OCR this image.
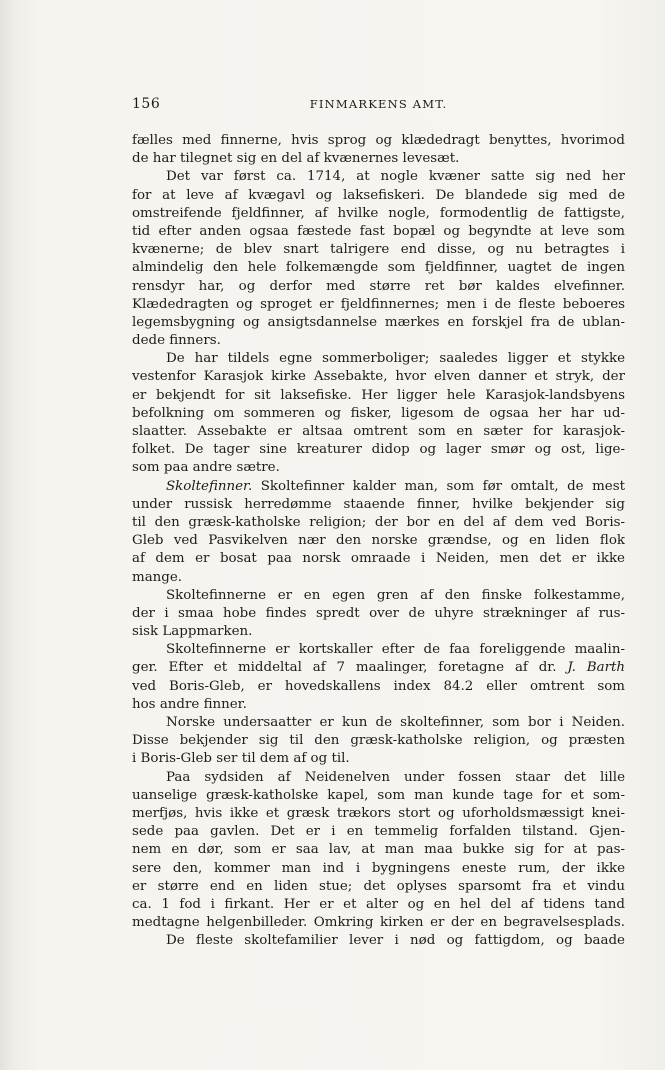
156	FINMARKENS AMT.
fælles med finnerne, hvis sprog og klædedragt benyttes, hvorimod
de har tilegnet sig en del af kvænernes levesæt.
Det var først ca. 1714, at nogle kvæner satte sig ned her
for at leve af kvægavl og laksefiskeri. De blandede sig med de
omstreifende fjeldfinner, af hvilke nogle, formodentlig de fattigste,
tid efter anden ogsaa fæstede fast bopæl og begyndte at leve som
kvænerne; de blev snart talrigere end disse, og nu betragtes i
almindelig den hele folkemængde som fjeldfinner, uagtet de ingen
rensdyr har, og derfor med større ret bør kaldes elvefinner.
Klædedragten og sproget er fjeldfinnernes; men i de fleste beboeres
legemsbygning og ansigtsdannelse mærkes en forskjel fra de ublan-
dede finners.
De har tildels egne sommerboliger; saaledes ligger et stykke
vestenfor Karasjok kirke Assebakte, hvor elven danner et stryk, der
er bekjendt for sit laksefiske. Her ligger hele Karasjok-landsbyens
befolkning om sommeren og fisker, ligesom de ogsaa her har ud-
slaatter. Assebakte er altsaa omtrent som en sæter for karasjok-
folket. De tager sine kreaturer didop og lager smør og ost, lige-
som paa andre sætre.
Skoltefinner. Skoltefinner kalder man, som før omtalt, de mest
under russisk herredømme staaende finner, hvilke bekjender sig
til den græsk-katholske religion; der bor en del af dem ved Boris-
Gleb ved Pasvikelven nær den norske grændse, og en liden flok
af dem er bosat paa norsk omraade i Neiden, men det er ikke
mange.
Skoltefinnerne er en egen gren af den finske folkestamme,
der i smaa hobe findes spredt over de uhyre strækninger af rus-
sisk Lappmarken.
Skoltefinnerne er kortskaller efter de faa foreliggende maalin-
ger. Efter et middeltal af 7 maalinger, foretagne af dr. J. Barth
ved Boris-Gleb, er hovedskallens index 84.2 eller omtrent som
hos andre finner.
Norske undersaatter er kun de skoltefinner, som bor i Neiden.
Disse bekjender sig til den græsk-katholske religion, og præsten
i Boris-Gleb ser til dem af og til.
Paa sydsiden af Neidenelven under fossen staar det lille
uanselige græsk-katholske kapel, som man kunde tage for et som-
merfjøs, hvis ikke et græsk trækors stort og uforholdsmæssigt knei-
sede paa gavlen. Det er i en temmelig forfalden tilstand. Gjen-
nem en dør, som er saa lav, at man maa bukke sig for at pas-
sere den, kommer man ind i bygningens eneste rum, der ikke
er større end en liden stue; det oplyses sparsomt fra et vindu
ca. 1 fod i firkant. Her er et alter og en hel del af tidens tand
medtagne helgenbilleder. Omkring kirken er der en begravelsesplads.
De fleste skoltefamilier lever i nød og fattigdom, og baade
